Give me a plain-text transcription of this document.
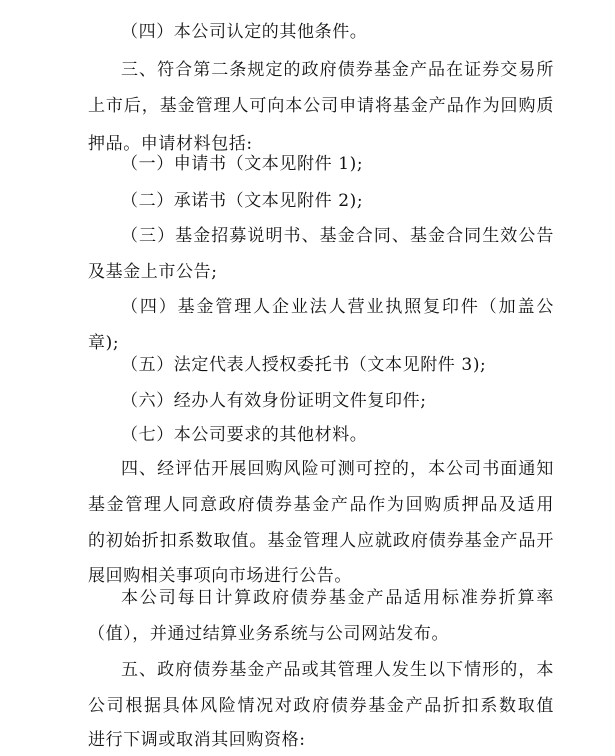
（四）本公司认定的其他条件。
三、符合第二条规定的政府债券基金产品在证券交易所
上市后，基金管理人可向本公司申请将基金产品作为回购质
押品。申请材料包括:
（一）申请书（文本见附件 1);
（二）承诺书（文本见附件 2);
（三）基金招募说明书、基金合同、基金合同生效公告
及基金上市公告;
（四）基金管理人企业法人营业执照复印件（加盖公
章);
（五）法定代表人授权委托书（文本见附件 3);
（六）经办人有效身份证明文件复印件;
（七）本公司要求的其他材料。
四、经评估开展回购风险可测可控的，本公司书面通知
基金管理人同意政府债券基金产品作为回购质押品及适用
的初始折扣系数取值。基金管理人应就政府债券基金产品开
展回购相关事项向市场进行公告。
本公司每日计算政府债券基金产品适用标准券折算率
（值），并通过结算业务系统与公司网站发布。
五、政府债券基金产品或其管理人发生以下情形的，本
公司根据具体风险情况对政府债券基金产品折扣系数取值
进行下调或取消其回购资格:
